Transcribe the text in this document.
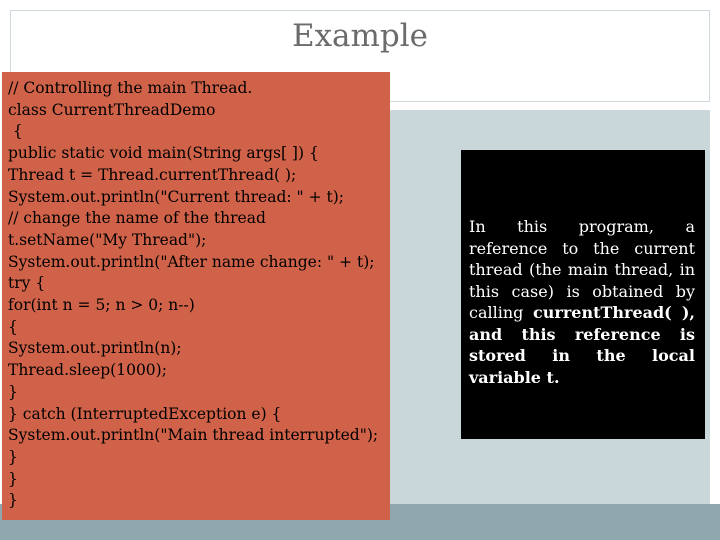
Example
// Controlling the main Thread.
class CurrentThreadDemo
{
public static void main(String args[ ]) {
Thread t = Thread.currentThread( );
System.out.println("Current thread: " + t);
// change the name of the thread
t.setName("My Thread");
System.out.println("After name change: " + t);
try {
for(int n = 5; n > 0; n--)
{
System.out.println(n);
Thread.sleep(1000);
}
} catch (InterruptedException e) {
System.out.println("Main thread interrupted");
}
}
}
In this program, a reference to the current thread (the main thread, in this case) is obtained by calling currentThread( ), and this reference is stored in the local variable t.
